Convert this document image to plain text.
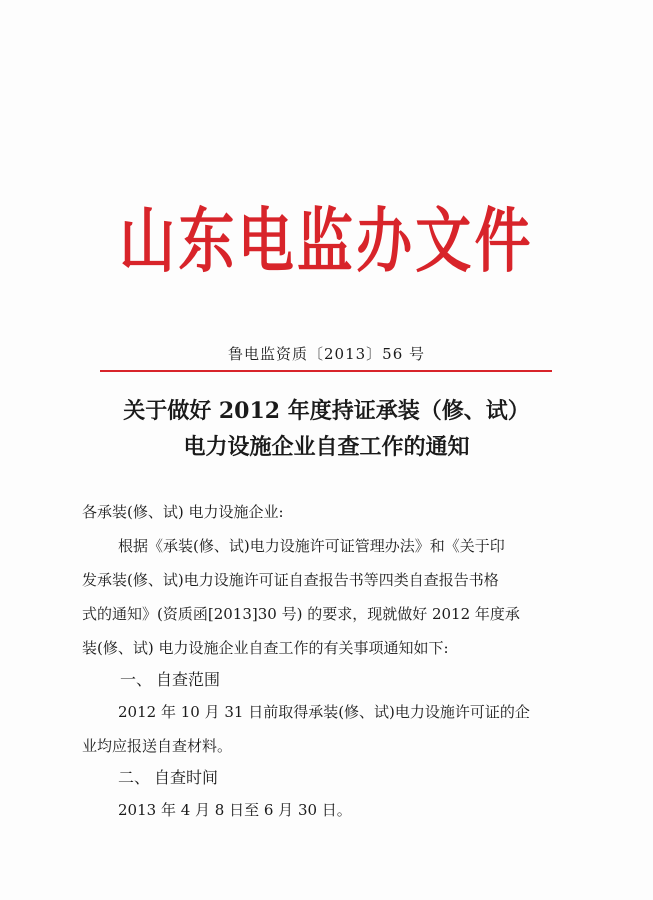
山东电监办文件
鲁电监资质〔2013〕56 号
关于做好 2012 年度持证承装（修、试）
电力设施企业自查工作的通知
各承装(修、试) 电力设施企业:
根据《承装(修、试)电力设施许可证管理办法》和《关于印
发承装(修、试)电力设施许可证自查报告书等四类自查报告书格
式的通知》(资质函[2013]30 号) 的要求，现就做好 2012 年度承
装(修、试) 电力设施企业自查工作的有关事项通知如下:
一、 自查范围
2012 年 10 月 31 日前取得承装(修、试)电力设施许可证的企
业均应报送自查材料。
二、 自查时间
2013 年 4 月 8 日至 6 月 30 日。
